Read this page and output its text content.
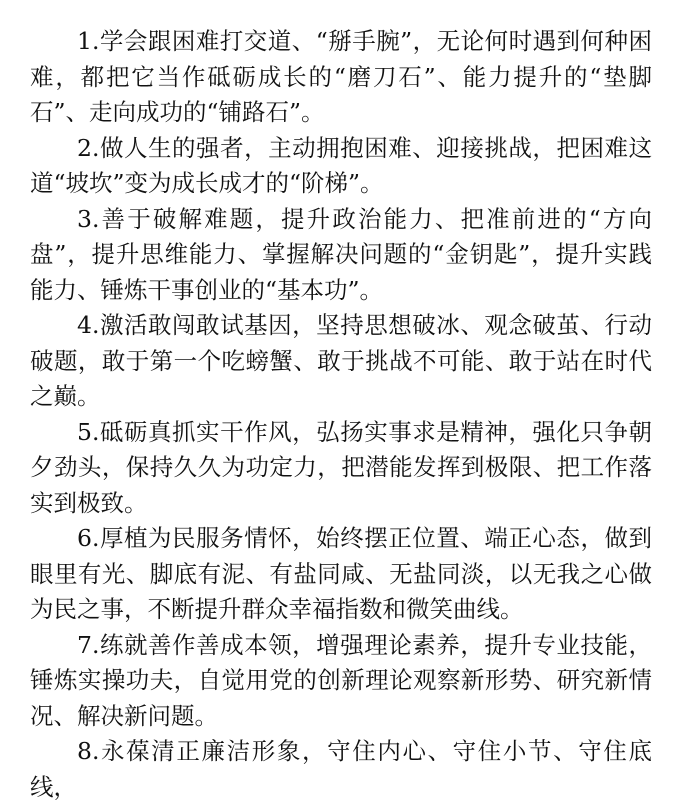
1.学会跟困难打交道、“掰手腕”，无论何时遇到何种困难，都把它当作砥砺成长的“磨刀石”、能力提升的“垫脚石”、走向成功的“铺路石”。

2.做人生的强者，主动拥抱困难、迎接挑战，把困难这道“坡坎”变为成长成才的“阶梯”。

3.善于破解难题，提升政治能力、把准前进的“方向盘”，提升思维能力、掌握解决问题的“金钥匙”，提升实践能力、锤炼干事创业的“基本功”。

4.激活敢闯敢试基因，坚持思想破冰、观念破茧、行动破题，敢于第一个吃螃蟹、敢于挑战不可能、敢于站在时代之巅。

5.砥砺真抓实干作风，弘扬实事求是精神，强化只争朝夕劲头，保持久久为功定力，把潜能发挥到极限、把工作落实到极致。

6.厚植为民服务情怀，始终摆正位置、端正心态，做到眼里有光、脚底有泥、有盐同咸、无盐同淡，以无我之心做为民之事，不断提升群众幸福指数和微笑曲线。

7.练就善作善成本领，增强理论素养，提升专业技能，锤炼实操功夫，自觉用党的创新理论观察新形势、研究新情况、解决新问题。

8.永葆清正廉洁形象，守住内心、守住小节、守住底线，
